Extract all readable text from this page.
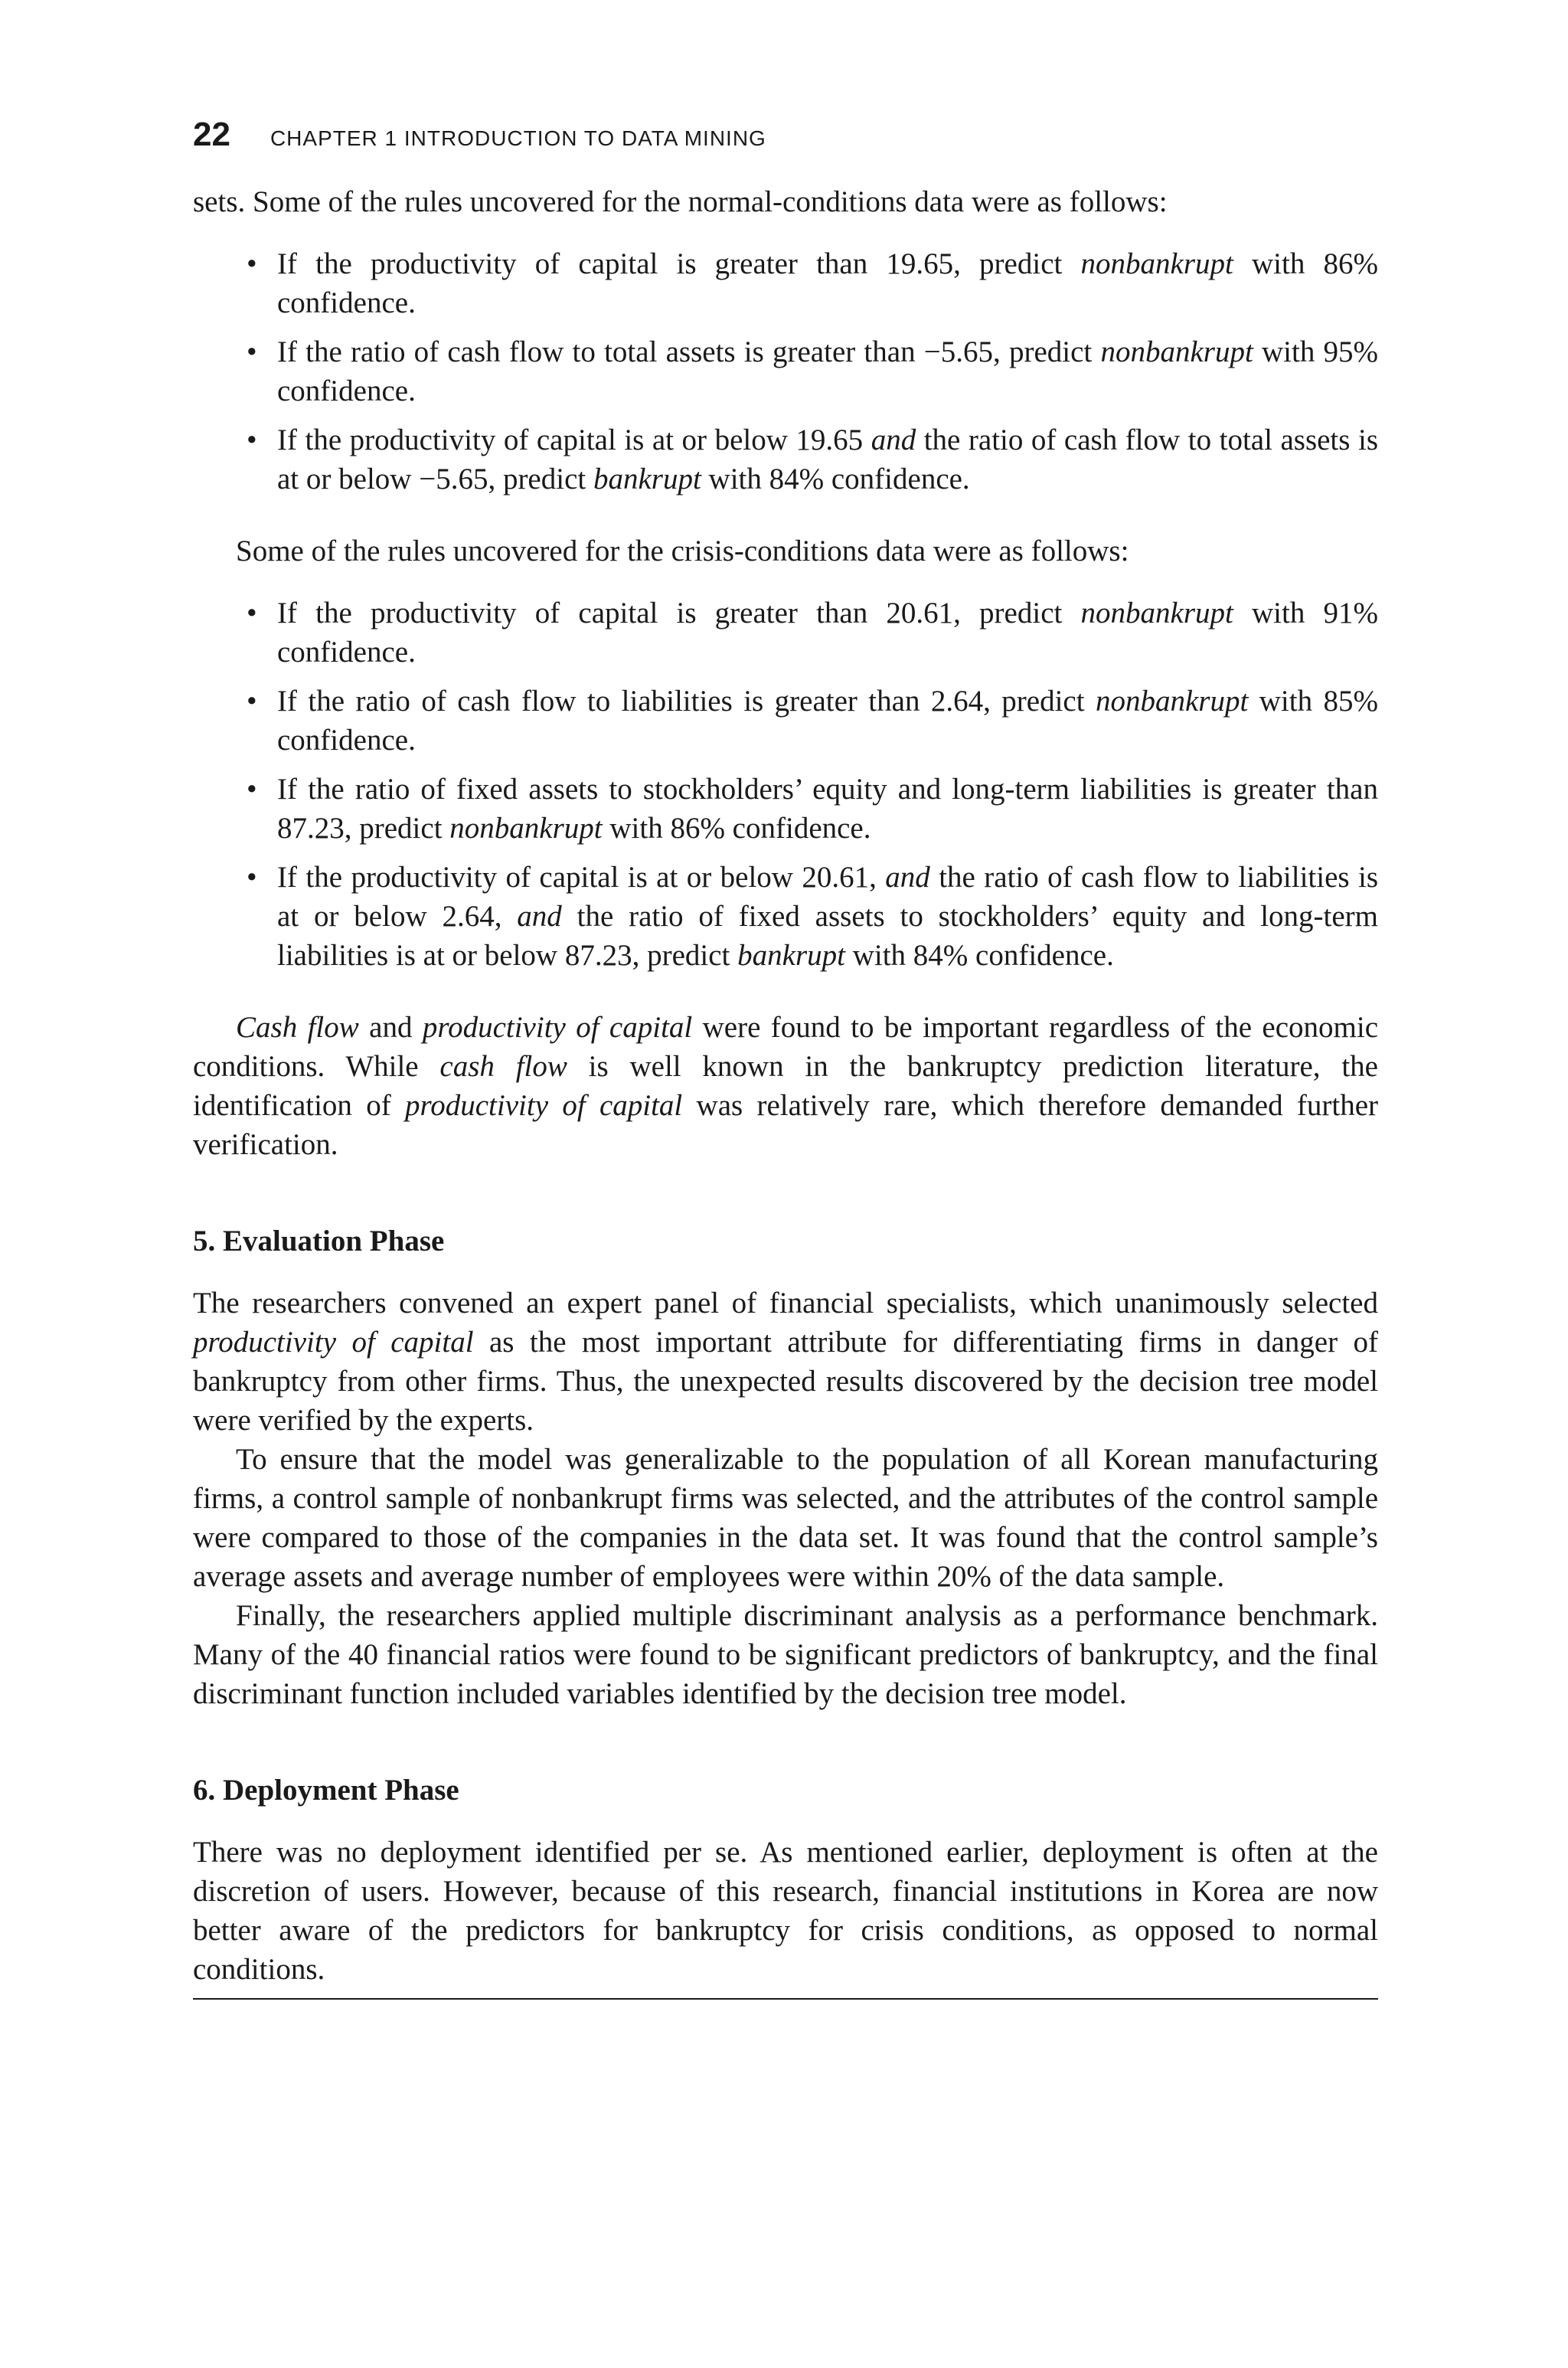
22 CHAPTER 1 INTRODUCTION TO DATA MINING

sets. Some of the rules uncovered for the normal-conditions data were as follows:

• If the productivity of capital is greater than 19.65, predict nonbankrupt with 86% confidence.
• If the ratio of cash flow to total assets is greater than −5.65, predict nonbankrupt with 95% confidence.
• If the productivity of capital is at or below 19.65 and the ratio of cash flow to total assets is at or below −5.65, predict bankrupt with 84% confidence.

Some of the rules uncovered for the crisis-conditions data were as follows:

• If the productivity of capital is greater than 20.61, predict nonbankrupt with 91% confidence.
• If the ratio of cash flow to liabilities is greater than 2.64, predict nonbankrupt with 85% confidence.
• If the ratio of fixed assets to stockholders’ equity and long-term liabilities is greater than 87.23, predict nonbankrupt with 86% confidence.
• If the productivity of capital is at or below 20.61, and the ratio of cash flow to liabilities is at or below 2.64, and the ratio of fixed assets to stockholders’ equity and long-term liabilities is at or below 87.23, predict bankrupt with 84% confidence.

Cash flow and productivity of capital were found to be important regardless of the economic conditions. While cash flow is well known in the bankruptcy prediction literature, the identification of productivity of capital was relatively rare, which therefore demanded further verification.

5. Evaluation Phase

The researchers convened an expert panel of financial specialists, which unanimously selected productivity of capital as the most important attribute for differentiating firms in danger of bankruptcy from other firms. Thus, the unexpected results discovered by the decision tree model were verified by the experts.

To ensure that the model was generalizable to the population of all Korean manufacturing firms, a control sample of nonbankrupt firms was selected, and the attributes of the control sample were compared to those of the companies in the data set. It was found that the control sample’s average assets and average number of employees were within 20% of the data sample.

Finally, the researchers applied multiple discriminant analysis as a performance benchmark. Many of the 40 financial ratios were found to be significant predictors of bankruptcy, and the final discriminant function included variables identified by the decision tree model.

6. Deployment Phase

There was no deployment identified per se. As mentioned earlier, deployment is often at the discretion of users. However, because of this research, financial institutions in Korea are now better aware of the predictors for bankruptcy for crisis conditions, as opposed to normal conditions.
